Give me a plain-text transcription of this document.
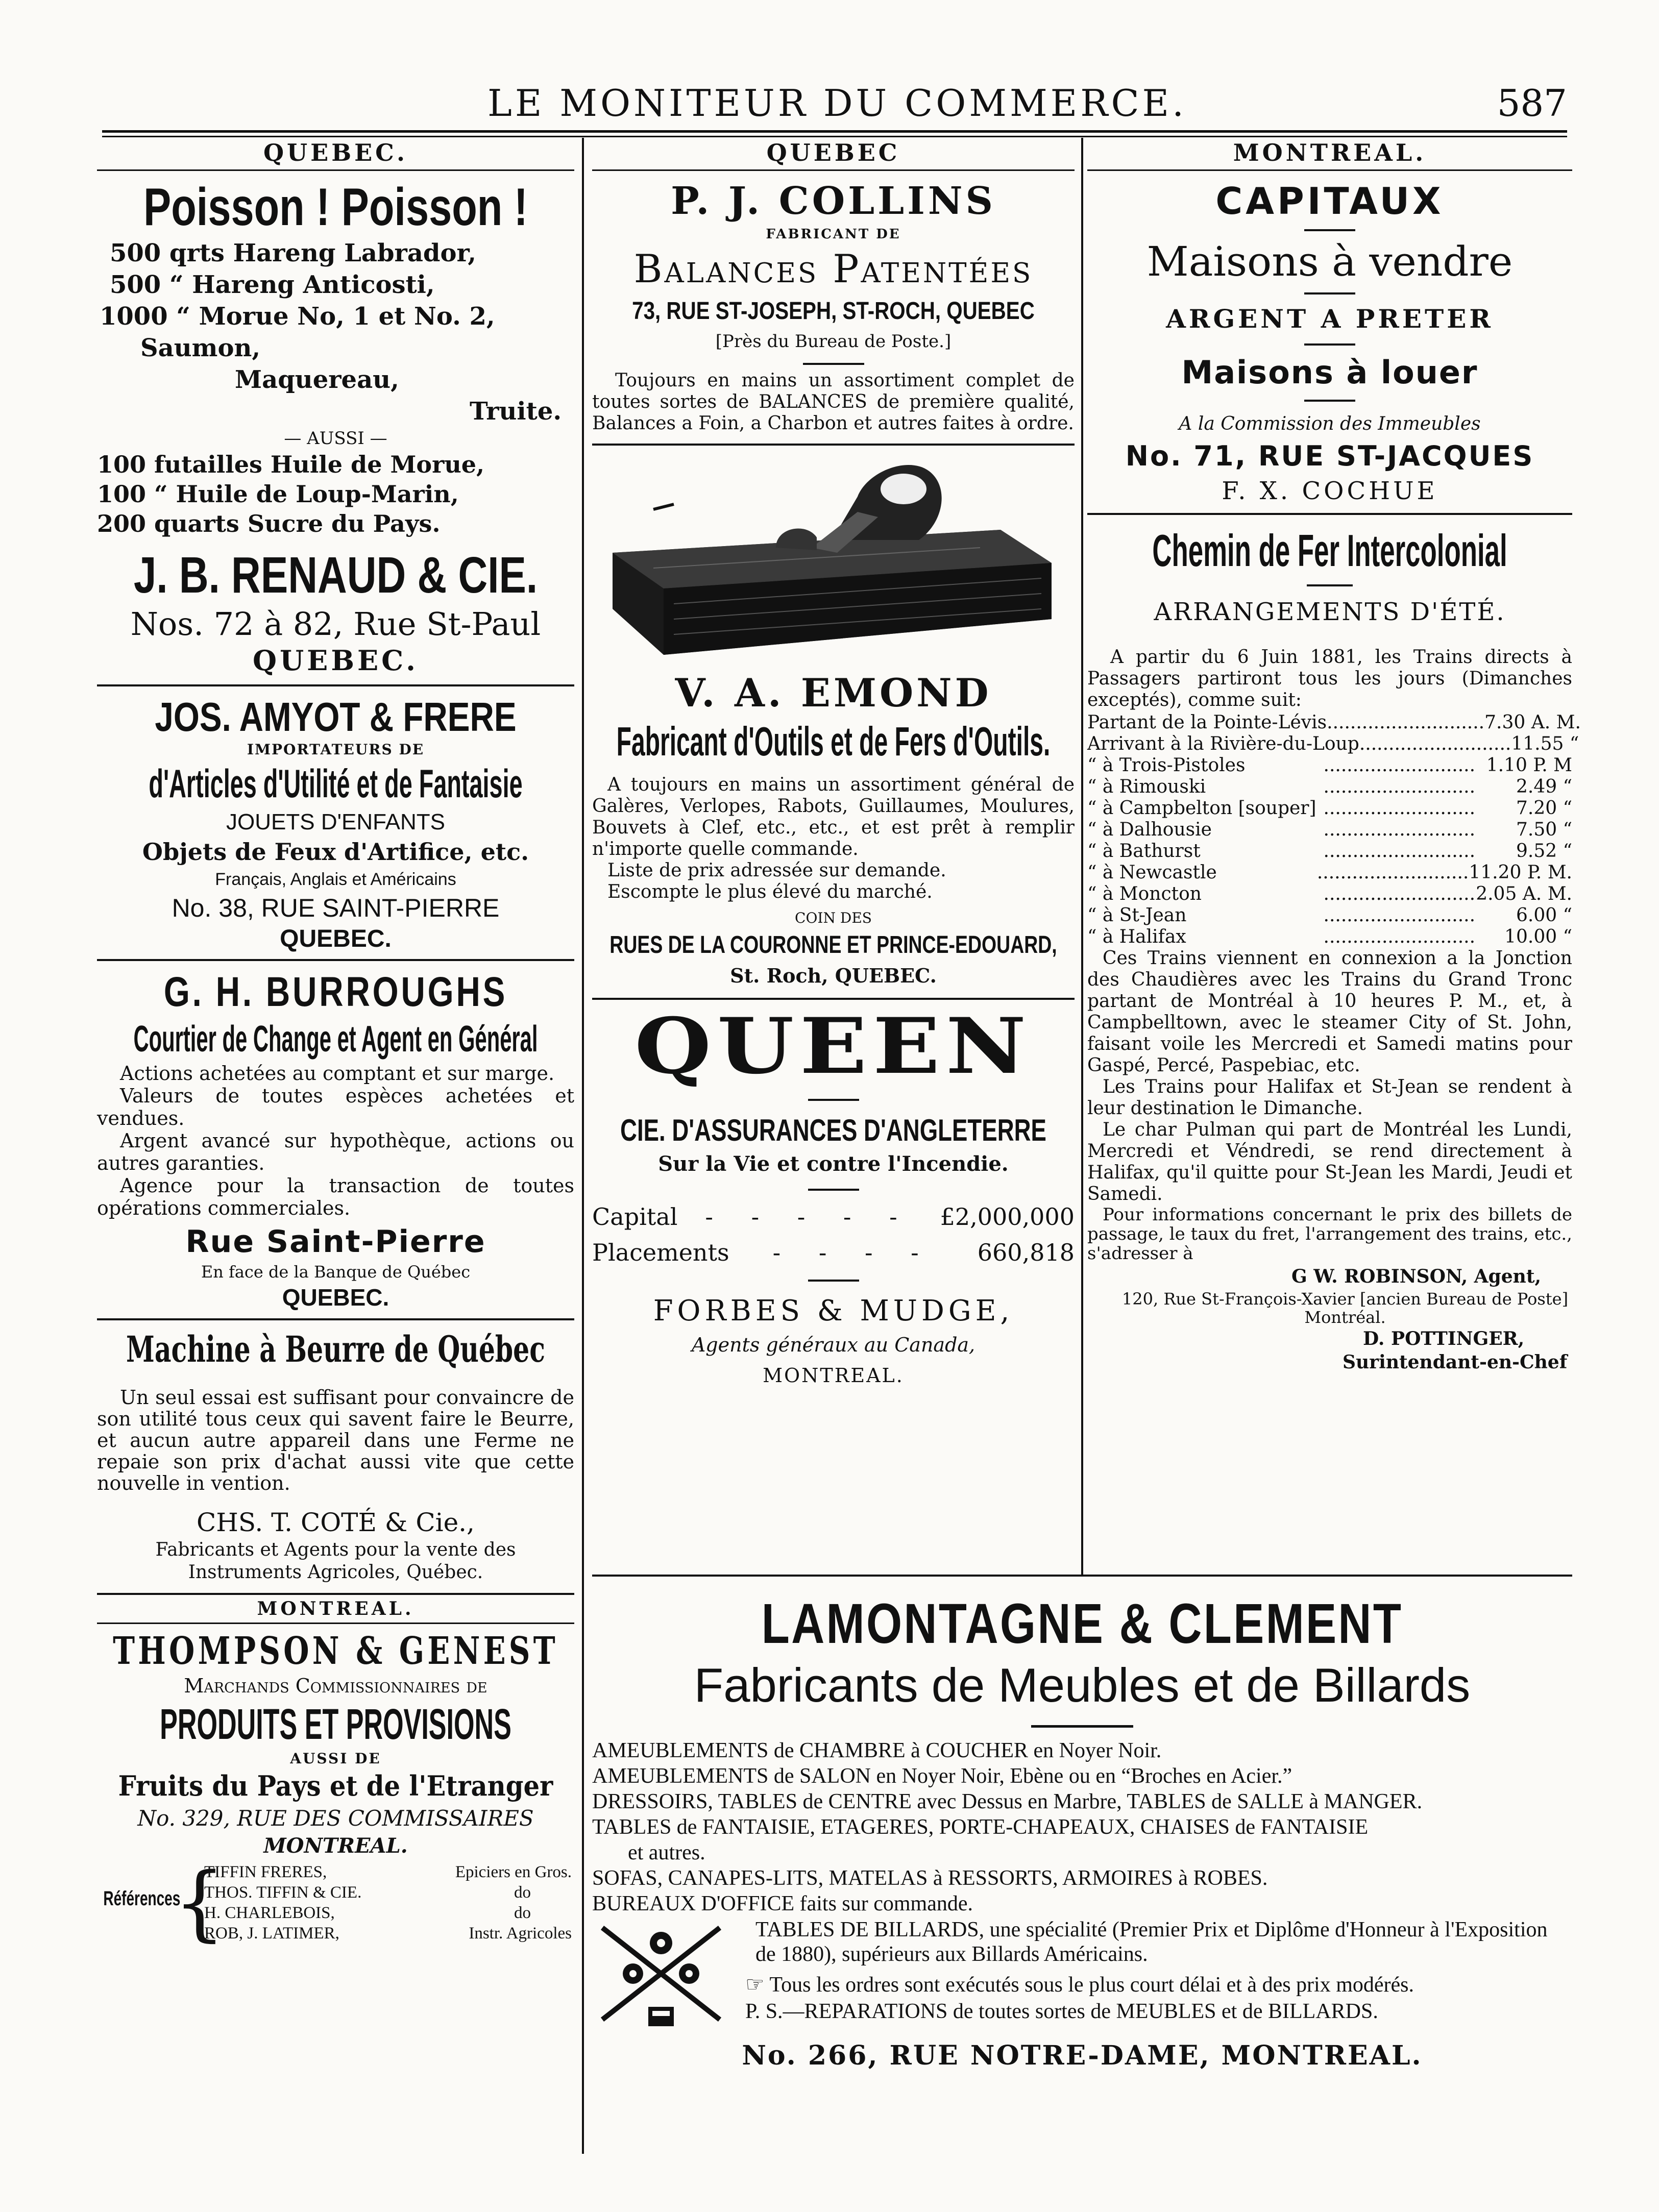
LE MONITEUR DU COMMERCE.	587
QUEBEC.
Poisson ! Poisson !
500 qrts Hareng Labrador,
500 “ Hareng Anticosti,
1000 “ Morue No, 1 et No. 2,
Saumon,
Maquereau,
Truite.
— AUSSI —
100 futailles Huile de Morue,
100 “ Huile de Loup-Marin,
200 quarts Sucre du Pays.
J. B. RENAUD & CIE.
Nos. 72 à 82, Rue St-Paul
QUEBEC.
JOS. AMYOT & FRERE
IMPORTATEURS DE
d'Articles d'Utilité et de Fantaisie
JOUETS D'ENFANTS
Objets de Feux d'Artifice, etc.
Français, Anglais et Américains
No. 38, RUE SAINT-PIERRE
QUEBEC.
G. H. BURROUGHS
Courtier de Change et Agent en Général
Actions achetées au comptant et sur marge.
Valeurs de toutes espèces achetées et vendues.
Argent avancé sur hypothèque, actions ou autres garanties.
Agence pour la transaction de toutes opérations commerciales.
Rue Saint-Pierre
En face de la Banque de Québec
QUEBEC.
Machine à Beurre de Québec
Un seul essai est suffisant pour convaincre de son utilité tous ceux qui savent faire le Beurre, et aucun autre appareil dans une Ferme ne repaie son prix d'achat aussi vite que cette nouvelle in vention.
CHS. T. COTÉ & Cie.,
Fabricants et Agents pour la vente des Instruments Agricoles, Québec.
MONTREAL.
THOMPSON & GENEST
Marchands Commissionnaires de
PRODUITS ET PROVISIONS
AUSSI DE
Fruits du Pays et de l'Etranger
No. 329, RUE DES COMMISSAIRES
MONTREAL.
Références
{
TIFFIN FRERES,	Epiciers en Gros.
THOS. TIFFIN & CIE.	do
H. CHARLEBOIS,	do
ROB, J. LATIMER,	Instr. Agricoles
QUEBEC
P. J. COLLINS
FABRICANT DE
Balances Patentées
73, RUE ST-JOSEPH, ST-ROCH, QUEBEC
[Près du Bureau de Poste.]
Toujours en mains un assortiment complet de toutes sortes de BALANCES de première qualité, Balances a Foin, a Charbon et autres faites à ordre.
V. A. EMOND
Fabricant d'Outils et de Fers d'Outils.
A toujours en mains un assortiment général de Galères, Verlopes, Rabots, Guillaumes, Moulures, Bouvets à Clef, etc., etc., et est prêt à remplir n'importe quelle commande.
Liste de prix adressée sur demande.
Escompte le plus élevé du marché.
COIN DES
RUES DE LA COURONNE ET PRINCE-EDOUARD,
St. Roch, QUEBEC.
QUEEN
CIE. D'ASSURANCES D'ANGLETERRE
Sur la Vie et contre l'Incendie.
Capital	- - - - -	£2,000,000
Placements	- - - -	660,818
FORBES & MUDGE,
Agents généraux au Canada,
MONTREAL.
MONTREAL.
CAPITAUX
Maisons à vendre
ARGENT A PRETER
Maisons à louer
A la Commission des Immeubles
No. 71, RUE ST-JACQUES
F. X. COCHUE
Chemin de Fer Intercolonial
ARRANGEMENTS D'ÉTÉ.
A partir du 6 Juin 1881, les Trains directs à Passagers partiront tous les jours (Dimanches exceptés), comme suit:
Partant de la Pointe-Lévis. .......................... 7.30 A. M.
Arrivant à la Rivière-du-Loup .......................... 11.55 “
“ à Trois-Pistoles	.......................... 1.10 P. M
“ à Rimouski	..........................	2.49 “
“ à Campbelton [souper] ..........................	7.20 “
“ à Dalhousie	..........................	7.50 “
“ à Bathurst	..........................	9.52 “
“ à Newcastle	.......................... 11.20 P. M.
“ à Moncton	.......................... 2.05 A. M.
“ à St-Jean	..........................	6.00 “
“ à Halifax	..........................	10.00 “
Ces Trains viennent en connexion a la Jonction des Chaudières avec les Trains du Grand Tronc partant de Montréal à 10 heures P. M., et, à Campbelltown, avec le steamer City of St. John, faisant voile les Mercredi et Samedi matins pour Gaspé, Percé, Paspebiac, etc.
Les Trains pour Halifax et St-Jean se rendent à leur destination le Dimanche.
Le char Pulman qui part de Montréal les Lundi, Mercredi et Véndredi, se rend directement à Halifax, qu'il quitte pour St-Jean les Mardi, Jeudi et Samedi.
Pour informations concernant le prix des billets de passage, le taux du fret, l'arrangement des trains, etc., s'adresser à
G W. ROBINSON, Agent,
120, Rue St-François-Xavier [ancien Bureau de Poste] Montréal.
D. POTTINGER,
Surintendant-en-Chef
LAMONTAGNE & CLEMENT
Fabricants de Meubles et de Billards
AMEUBLEMENTS de CHAMBRE à COUCHER en Noyer Noir.
AMEUBLEMENTS de SALON en Noyer Noir, Ebène ou en “Broches en Acier.”
DRESSOIRS, TABLES de CENTRE avec Dessus en Marbre, TABLES de SALLE à MANGER.
TABLES de FANTAISIE, ETAGERES, PORTE-CHAPEAUX, CHAISES de FANTAISIE
et autres.
SOFAS, CANAPES-LITS, MATELAS à RESSORTS, ARMOIRES à ROBES.
BUREAUX D'OFFICE faits sur commande.
TABLES DE BILLARDS, une spécialité (Premier Prix et Diplôme d'Honneur à l'Exposition de 1880), supérieurs aux Billards Américains.
☞ Tous les ordres sont exécutés sous le plus court délai et à des prix modérés.
P. S.—REPARATIONS de toutes sortes de MEUBLES et de BILLARDS.
No. 266, RUE NOTRE-DAME, MONTREAL.
